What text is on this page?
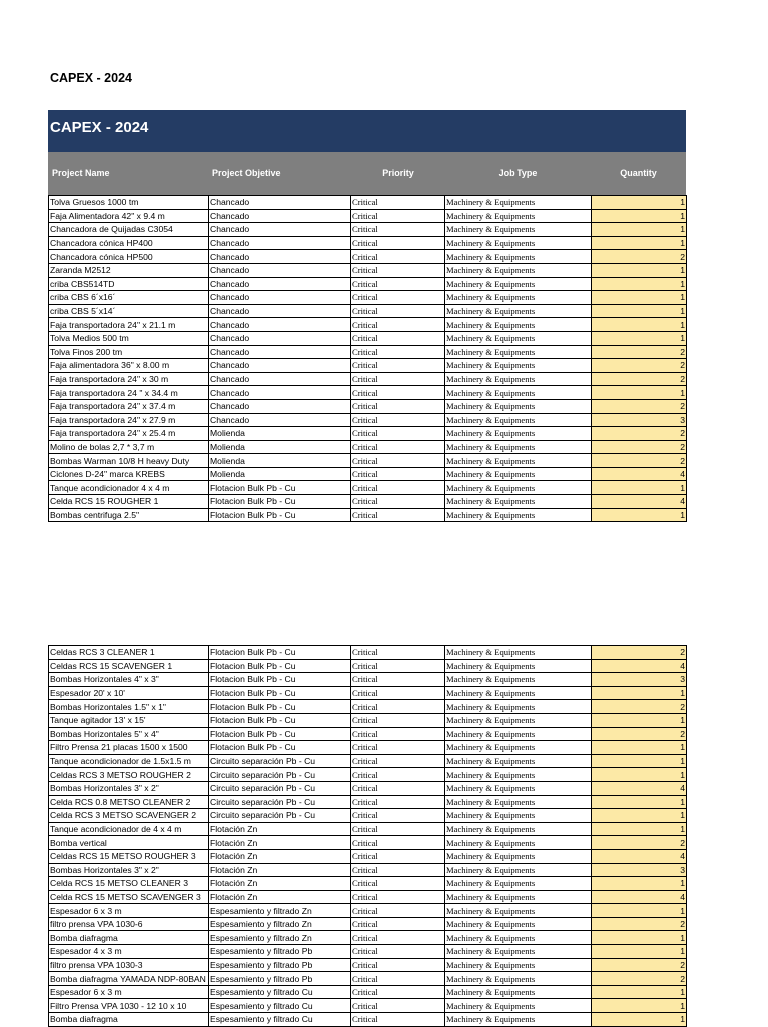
CAPEX - 2024
CAPEX - 2024
Project Name	Project Objetive	Priority	Job Type	Quantity
Tolva Gruesos 1000 tm	Chancado	Critical	Machinery & Equipments	1
Faja Alimentadora 42" x 9.4 m	Chancado	Critical	Machinery & Equipments	1
Chancadora de Quijadas C3054	Chancado	Critical	Machinery & Equipments	1
Chancadora cónica HP400	Chancado	Critical	Machinery & Equipments	1
Chancadora cónica HP500	Chancado	Critical	Machinery & Equipments	2
Zaranda M2512	Chancado	Critical	Machinery & Equipments	1
criba CBS514TD	Chancado	Critical	Machinery & Equipments	1
criba CBS 6´x16´	Chancado	Critical	Machinery & Equipments	1
criba CBS 5´x14´	Chancado	Critical	Machinery & Equipments	1
Faja transportadora 24" x 21.1 m	Chancado	Critical	Machinery & Equipments	1
Tolva Medios 500 tm	Chancado	Critical	Machinery & Equipments	1
Tolva Finos 200 tm	Chancado	Critical	Machinery & Equipments	2
Faja alimentadora 36" x 8.00 m	Chancado	Critical	Machinery & Equipments	2
Faja transportadora 24" x 30 m	Chancado	Critical	Machinery & Equipments	2
Faja transportadora 24 " x 34.4 m	Chancado	Critical	Machinery & Equipments	1
Faja transportadora 24" x 37.4 m	Chancado	Critical	Machinery & Equipments	2
Faja transportadora 24" x 27.9 m	Chancado	Critical	Machinery & Equipments	3
Faja transportadora 24" x 25.4 m	Molienda	Critical	Machinery & Equipments	2
Molino de bolas 2,7 * 3,7 m	Molienda	Critical	Machinery & Equipments	2
Bombas Warman 10/8 H heavy Duty	Molienda	Critical	Machinery & Equipments	2
Ciclones D-24" marca KREBS	Molienda	Critical	Machinery & Equipments	4
Tanque acondicionador 4 x 4 m	Flotacion Bulk Pb - Cu	Critical	Machinery & Equipments	1
Celda RCS 15 ROUGHER 1	Flotacion Bulk Pb - Cu	Critical	Machinery & Equipments	4
Bombas centrifuga 2.5"	Flotacion Bulk Pb - Cu	Critical	Machinery & Equipments	1
Celdas RCS 3 CLEANER 1	Flotacion Bulk Pb - Cu	Critical	Machinery & Equipments	2
Celdas RCS 15 SCAVENGER 1	Flotacion Bulk Pb - Cu	Critical	Machinery & Equipments	4
Bombas Horizontales 4" x 3"	Flotacion Bulk Pb - Cu	Critical	Machinery & Equipments	3
Espesador 20' x 10'	Flotacion Bulk Pb - Cu	Critical	Machinery & Equipments	1
Bombas Horizontales 1.5" x 1"	Flotacion Bulk Pb - Cu	Critical	Machinery & Equipments	2
Tanque agitador 13' x 15'	Flotacion Bulk Pb - Cu	Critical	Machinery & Equipments	1
Bombas Horizontales 5" x 4"	Flotacion Bulk Pb - Cu	Critical	Machinery & Equipments	2
Filtro Prensa 21 placas 1500 x 1500	Flotacion Bulk Pb - Cu	Critical	Machinery & Equipments	1
Tanque acondicionador de 1.5x1.5 m	Circuito separación Pb - Cu	Critical	Machinery & Equipments	1
Celdas RCS 3 METSO ROUGHER 2	Circuito separación Pb - Cu	Critical	Machinery & Equipments	1
Bombas Horizontales 3" x 2"	Circuito separación Pb - Cu	Critical	Machinery & Equipments	4
Celda RCS 0.8 METSO CLEANER 2	Circuito separación Pb - Cu	Critical	Machinery & Equipments	1
Celda RCS 3 METSO SCAVENGER 2	Circuito separación Pb - Cu	Critical	Machinery & Equipments	1
Tanque acondicionador de 4 x 4 m	Flotación Zn	Critical	Machinery & Equipments	1
Bomba vertical	Flotación Zn	Critical	Machinery & Equipments	2
Celdas RCS 15 METSO ROUGHER 3	Flotación Zn	Critical	Machinery & Equipments	4
Bombas Horizontales 3" x 2"	Flotación Zn	Critical	Machinery & Equipments	3
Celda RCS 15 METSO CLEANER 3	Flotación Zn	Critical	Machinery & Equipments	1
Celda RCS 15 METSO SCAVENGER 3	Flotación Zn	Critical	Machinery & Equipments	4
Espesador 6 x 3 m	Espesamiento y filtrado Zn	Critical	Machinery & Equipments	1
filtro prensa VPA 1030-6	Espesamiento y filtrado Zn	Critical	Machinery & Equipments	2
Bomba diafragma	Espesamiento y filtrado Zn	Critical	Machinery & Equipments	1
Espesador 4 x 3 m	Espesamiento y filtrado Pb	Critical	Machinery & Equipments	1
filtro prensa VPA 1030-3	Espesamiento y filtrado Pb	Critical	Machinery & Equipments	2
Bomba diafragma YAMADA NDP-80BAN	Espesamiento y filtrado Pb	Critical	Machinery & Equipments	2
Espesador 6 x 3 m	Espesamiento y filtrado Cu	Critical	Machinery & Equipments	1
Filtro Prensa VPA 1030 - 12 10 x 10	Espesamiento y filtrado Cu	Critical	Machinery & Equipments	1
Bomba diafragma	Espesamiento y filtrado Cu	Critical	Machinery & Equipments	1
